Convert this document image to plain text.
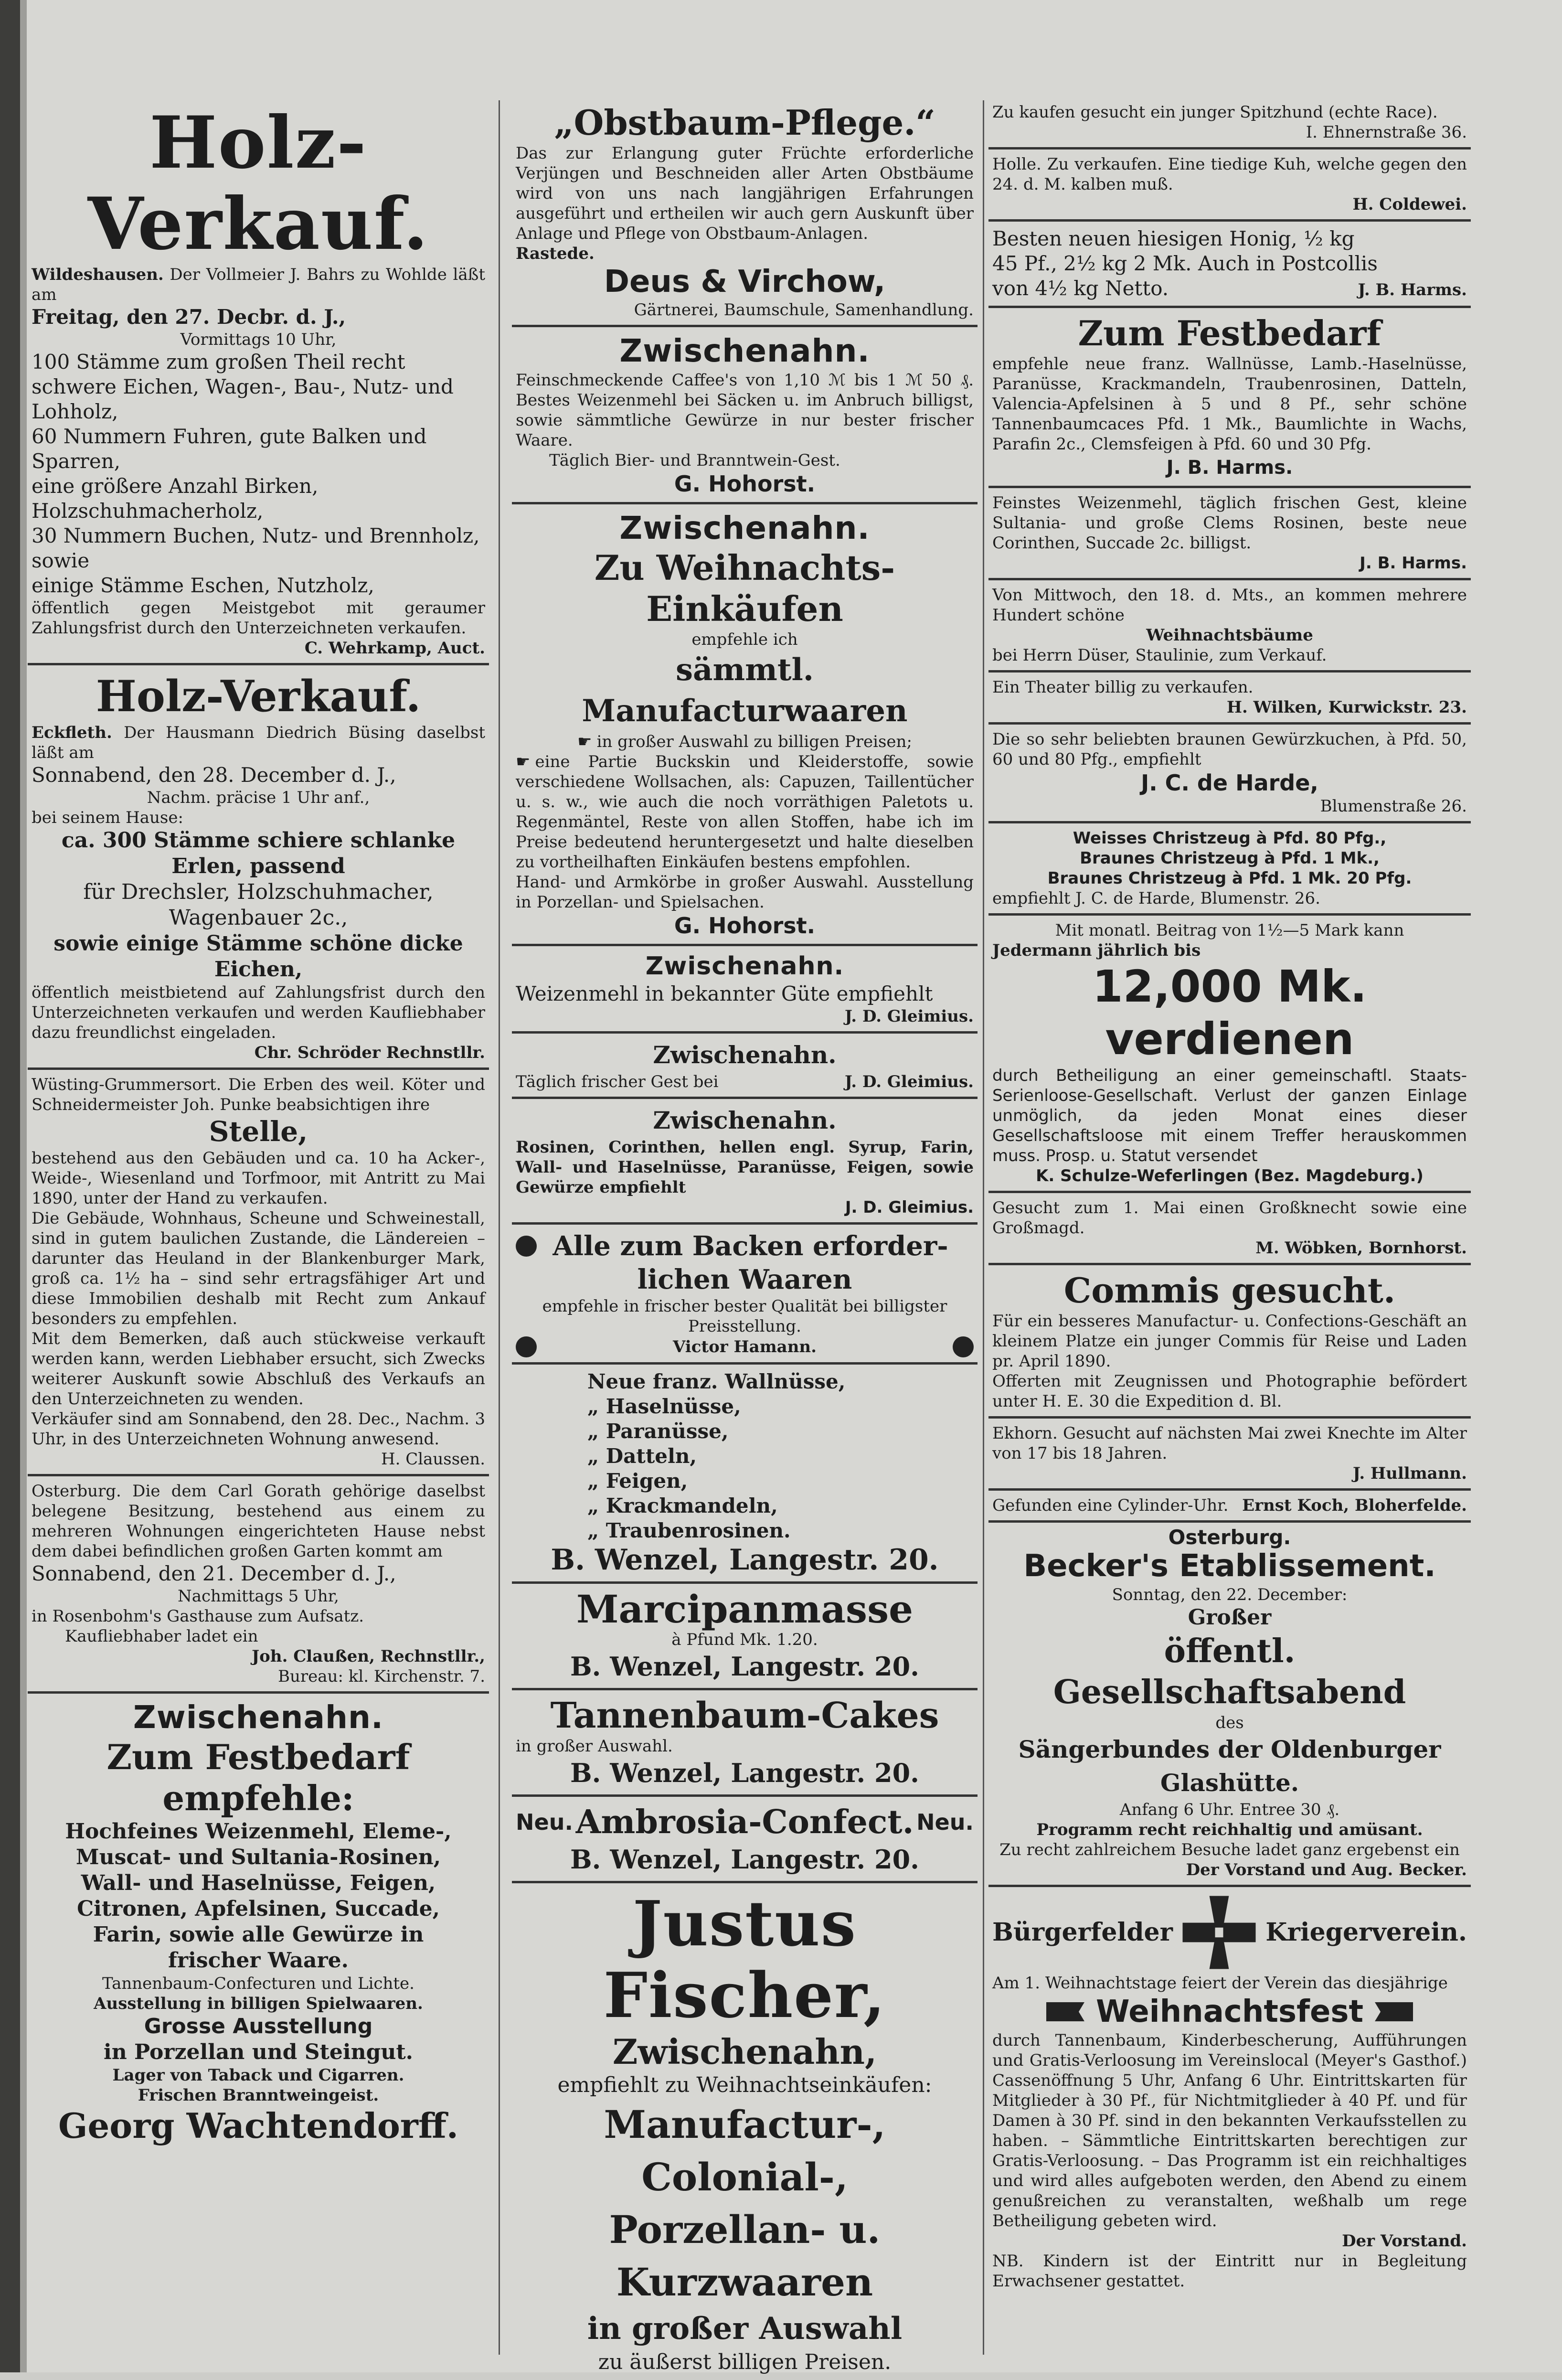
Holz-Verkauf.

Wildeshausen. Der Vollmeier J. Bahrs zu Wohlde läßt am

Freitag, den 27. Decbr. d. J.,

Vormittags 10 Uhr,

100 Stämme zum großen Theil recht schwere Eichen, Wagen-, Bau-, Nutz- und Lohholz,

60 Nummern Fuhren, gute Balken und Sparren,

eine größere Anzahl Birken, Holzschuhmacherholz,

30 Nummern Buchen, Nutz- und Brennholz, sowie

einige Stämme Eschen, Nutzholz,

öffentlich gegen Meistgebot mit geraumer Zahlungsfrist durch den Unterzeichneten verkaufen.

C. Wehrkamp, Auct.

Holz-Verkauf.

Eckfleth. Der Hausmann Diedrich Büsing daselbst läßt am

Sonnabend, den 28. December d. J.,

Nachm. präcise 1 Uhr anf.,

bei seinem Hause:

ca. 300 Stämme schiere schlanke Erlen, passend

für Drechsler, Holzschuhmacher, Wagenbauer 2c.,

sowie einige Stämme schöne dicke Eichen,

öffentlich meistbietend auf Zahlungsfrist durch den Unterzeichneten verkaufen und werden Kaufliebhaber dazu freundlichst eingeladen.

Chr. Schröder Rechnstllr.

Wüsting-Grummersort. Die Erben des weil. Köter und Schneidermeister Joh. Punke beabsichtigen ihre

Stelle,

bestehend aus den Gebäuden und ca. 10 ha Acker-, Weide-, Wiesenland und Torfmoor, mit Antritt zu Mai 1890, unter der Hand zu verkaufen.

Die Gebäude, Wohnhaus, Scheune und Schweinestall, sind in gutem baulichen Zustande, die Ländereien – darunter das Heuland in der Blankenburger Mark, groß ca. 1½ ha – sind sehr ertragsfähiger Art und diese Immobilien deshalb mit Recht zum Ankauf besonders zu empfehlen.

Mit dem Bemerken, daß auch stückweise verkauft werden kann, werden Liebhaber ersucht, sich Zwecks weiterer Auskunft sowie Abschluß des Verkaufs an den Unterzeichneten zu wenden.

Verkäufer sind am Sonnabend, den 28. Dec., Nachm. 3 Uhr, in des Unterzeichneten Wohnung anwesend.

H. Claussen.

Osterburg. Die dem Carl Gorath gehörige daselbst belegene Besitzung, bestehend aus einem zu mehreren Wohnungen eingerichteten Hause nebst dem dabei befindlichen großen Garten kommt am

Sonnabend, den 21. December d. J.,

Nachmittags 5 Uhr,

in Rosenbohm's Gasthause zum Aufsatz.

Kaufliebhaber ladet ein

Joh. Claußen, Rechnstllr.,

Bureau: kl. Kirchenstr. 7.

Zwischenahn.

Zum Festbedarf empfehle:

Hochfeines Weizenmehl, Eleme-,

Muscat- und Sultania-Rosinen,

Wall- und Haselnüsse, Feigen,

Citronen, Apfelsinen, Succade,

Farin, sowie alle Gewürze in

frischer Waare.

Tannenbaum-Confecturen und Lichte.

Ausstellung in billigen Spielwaaren.

Grosse Ausstellung

in Porzellan und Steingut.

Lager von Taback und Cigarren.

Frischen Branntweingeist.

Georg Wachtendorff.

„Obstbaum-Pflege.“

Das zur Erlangung guter Früchte erforderliche Verjüngen und Beschneiden aller Arten Obstbäume wird von uns nach langjährigen Erfahrungen ausgeführt und ertheilen wir auch gern Auskunft über Anlage und Pflege von Obstbaum-Anlagen.

Rastede.

Deus & Virchow,

Gärtnerei, Baumschule, Samenhandlung.

Zwischenahn.

Feinschmeckende Caffee's von 1,10 ℳ bis 1 ℳ 50 ₰. Bestes Weizenmehl bei Säcken u. im Anbruch billigst, sowie sämmtliche Gewürze in nur bester frischer Waare.

Täglich Bier- und Branntwein-Gest.

G. Hohorst.

Zwischenahn.

Zu Weihnachts-Einkäufen

empfehle ich

sämmtl. Manufacturwaaren

☛ in großer Auswahl zu billigen Preisen;

☛ eine Partie Buckskin und Kleiderstoffe, sowie verschiedene Wollsachen, als: Capuzen, Taillentücher u. s. w., wie auch die noch vorräthigen Paletots u. Regenmäntel, Reste von allen Stoffen, habe ich im Preise bedeutend heruntergesetzt und halte dieselben zu vortheilhaften Einkäufen bestens empfohlen.

Hand- und Armkörbe in großer Auswahl. Ausstellung in Porzellan- und Spielsachen.

G. Hohorst.

Zwischenahn.

Weizenmehl in bekannter Güte empfiehlt

J. D. Gleimius.

Zwischenahn.

Täglich frischer Gest bei	J. D. Gleimius.

Zwischenahn.

Rosinen, Corinthen, hellen engl. Syrup, Farin, Wall- und Haselnüsse, Paranüsse, Feigen, sowie Gewürze empfiehlt

J. D. Gleimius.

Alle zum Backen erforder-

lichen Waaren

empfehle in frischer bester Qualität bei billigster Preisstellung.

Victor Hamann.

Neue franz. Wallnüsse,

„ Haselnüsse,

„ Paranüsse,

„ Datteln,

„ Feigen,

„ Krackmandeln,

„ Traubenrosinen.

B. Wenzel, Langestr. 20.

Marcipanmasse

à Pfund Mk. 1.20.

B. Wenzel, Langestr. 20.

Tannenbaum-Cakes

in großer Auswahl.

B. Wenzel, Langestr. 20.

Neu. Ambrosia-Confect. Neu.

B. Wenzel, Langestr. 20.

Justus Fischer,

Zwischenahn,

empfiehlt zu Weihnachtseinkäufen:

Manufactur-, Colonial-,

Porzellan- u. Kurzwaaren

in großer Auswahl

zu äußerst billigen Preisen.

Zu kaufen gesucht ein junger Spitzhund (echte Race).

I. Ehnernstraße 36.

Holle. Zu verkaufen. Eine tiedige Kuh, welche gegen den 24. d. M. kalben muß.

H. Coldewei.

Besten neuen hiesigen Honig, ½ kg

45 Pf., 2½ kg 2 Mk. Auch in Postcollis

von 4½ kg Netto.	J. B. Harms.

Zum Festbedarf

empfehle neue franz. Wallnüsse, Lamb.-Haselnüsse, Paranüsse, Krackmandeln, Traubenrosinen, Datteln, Valencia-Apfelsinen à 5 und 8 Pf., sehr schöne Tannenbaumcaces Pfd. 1 Mk., Baumlichte in Wachs, Parafin 2c., Clemsfeigen à Pfd. 60 und 30 Pfg.

J. B. Harms.

Feinstes Weizenmehl, täglich frischen Gest, kleine Sultania- und große Clems Rosinen, beste neue Corinthen, Succade 2c. billigst.

J. B. Harms.

Von Mittwoch, den 18. d. Mts., an kommen mehrere Hundert schöne

Weihnachtsbäume

bei Herrn Düser, Staulinie, zum Verkauf.

Ein Theater billig zu verkaufen.

H. Wilken, Kurwickstr. 23.

Die so sehr beliebten braunen Gewürzkuchen, à Pfd. 50, 60 und 80 Pfg., empfiehlt

J. C. de Harde,

Blumenstraße 26.

Weisses Christzeug à Pfd. 80 Pfg.,

Braunes Christzeug à Pfd. 1 Mk.,

Braunes Christzeug à Pfd. 1 Mk. 20 Pfg.

empfiehlt J. C. de Harde, Blumenstr. 26.

Mit monatl. Beitrag von 1½—5 Mark kann

Jedermann jährlich bis

12,000 Mk. verdienen

durch Betheiligung an einer gemeinschaftl. Staats-Serienloose-Gesellschaft. Verlust der ganzen Einlage unmöglich, da jeden Monat eines dieser Gesellschaftsloose mit einem Treffer herauskommen muss. Prosp. u. Statut versendet

K. Schulze-Weferlingen (Bez. Magdeburg.)

Gesucht zum 1. Mai einen Großknecht sowie eine Großmagd.

M. Wöbken, Bornhorst.

Commis gesucht.

Für ein besseres Manufactur- u. Confections-Geschäft an kleinem Platze ein junger Commis für Reise und Laden pr. April 1890.

Offerten mit Zeugnissen und Photographie befördert unter H. E. 30 die Expedition d. Bl.

Ekhorn. Gesucht auf nächsten Mai zwei Knechte im Alter von 17 bis 18 Jahren.

J. Hullmann.

Gefunden eine Cylinder-Uhr. Ernst Koch, Bloherfelde.

Osterburg.

Becker's Etablissement.

Sonntag, den 22. December:

Großer

öffentl. Gesellschaftsabend

des

Sängerbundes der Oldenburger

Glashütte.

Anfang 6 Uhr. Entree 30 ₰.

Programm recht reichhaltig und amüsant.

Zu recht zahlreichem Besuche ladet ganz ergebenst ein

Der Vorstand und Aug. Becker.

Bürgerfelder	Kriegerverein.

Am 1. Weihnachtstage feiert der Verein das diesjährige

Weihnachtsfest

durch Tannenbaum, Kinderbescherung, Aufführungen und Gratis-Verloosung im Vereinslocal (Meyer's Gasthof.) Cassenöffnung 5 Uhr, Anfang 6 Uhr. Eintrittskarten für Mitglieder à 30 Pf., für Nichtmitglieder à 40 Pf. und für Damen à 30 Pf. sind in den bekannten Verkaufsstellen zu haben. – Sämmtliche Eintrittskarten berechtigen zur Gratis-Verloosung. – Das Programm ist ein reichhaltiges und wird alles aufgeboten werden, den Abend zu einem genußreichen zu veranstalten, weßhalb um rege Betheiligung gebeten wird.

Der Vorstand.

NB. Kindern ist der Eintritt nur in Begleitung Erwachsener gestattet.
